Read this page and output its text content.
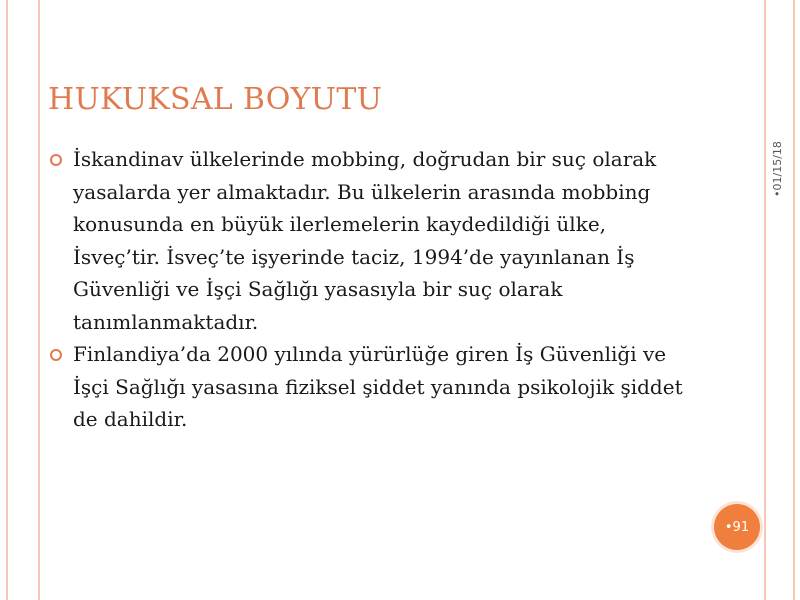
HUKUKSAL BOYUTU
İskandinav ülkelerinde mobbing, doğrudan bir suç olarak yasalarda yer almaktadır. Bu ülkelerin arasında mobbing konusunda en büyük ilerlemelerin kaydedildiği ülke, İsveç’tir. İsveç’te işyerinde taciz, 1994’de yayınlanan İş Güvenliği ve İşçi Sağlığı yasasıyla bir suç olarak tanımlanmaktadır.
Finlandiya’da 2000 yılında yürürlüğe giren İş Güvenliği ve İşçi Sağlığı yasasına fiziksel şiddet yanında psikolojik şiddet de dahildir.
•01/15/18
•91
